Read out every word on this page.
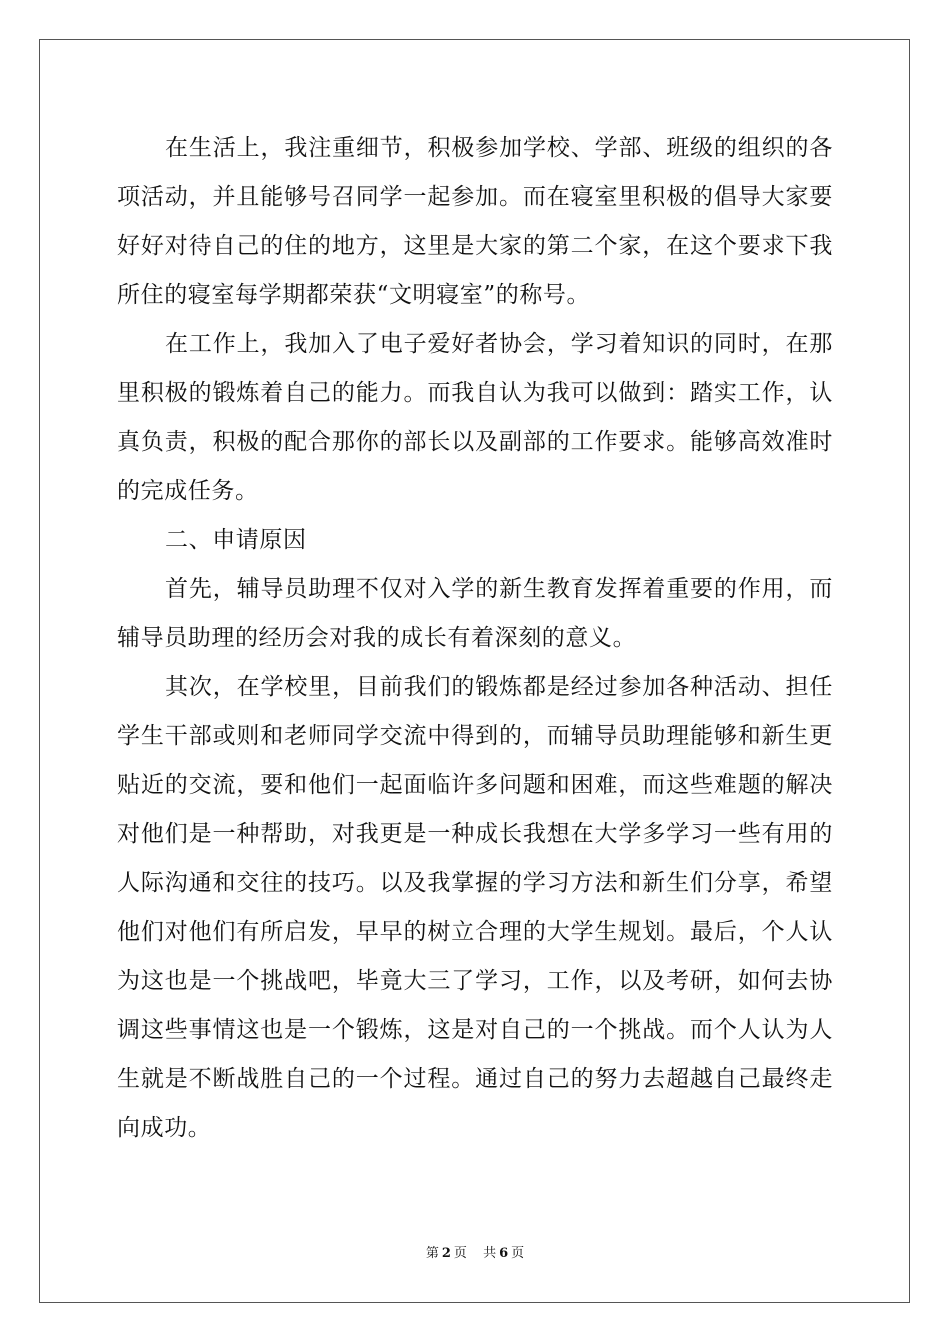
在生活上，我注重细节，积极参加学校、学部、班级的组织的各项活动，并且能够号召同学一起参加。而在寝室里积极的倡导大家要好好对待自己的住的地方，这里是大家的第二个家，在这个要求下我所住的寝室每学期都荣获“文明寝室”的称号。

在工作上，我加入了电子爱好者协会，学习着知识的同时，在那里积极的锻炼着自己的能力。而我自认为我可以做到：踏实工作，认真负责，积极的配合那你的部长以及副部的工作要求。能够高效准时的完成任务。

二、申请原因

首先，辅导员助理不仅对入学的新生教育发挥着重要的作用，而辅导员助理的经历会对我的成长有着深刻的意义。

其次，在学校里，目前我们的锻炼都是经过参加各种活动、担任学生干部或则和老师同学交流中得到的，而辅导员助理能够和新生更贴近的交流，要和他们一起面临许多问题和困难，而这些难题的解决对他们是一种帮助，对我更是一种成长我想在大学多学习一些有用的人际沟通和交往的技巧。以及我掌握的学习方法和新生们分享，希望他们对他们有所启发，早早的树立合理的大学生规划。最后，个人认为这也是一个挑战吧，毕竟大三了学习，工作，以及考研，如何去协调这些事情这也是一个锻炼，这是对自己的一个挑战。而个人认为人生就是不断战胜自己的一个过程。通过自己的努力去超越自己最终走向成功。

第 2 页 共 6 页
